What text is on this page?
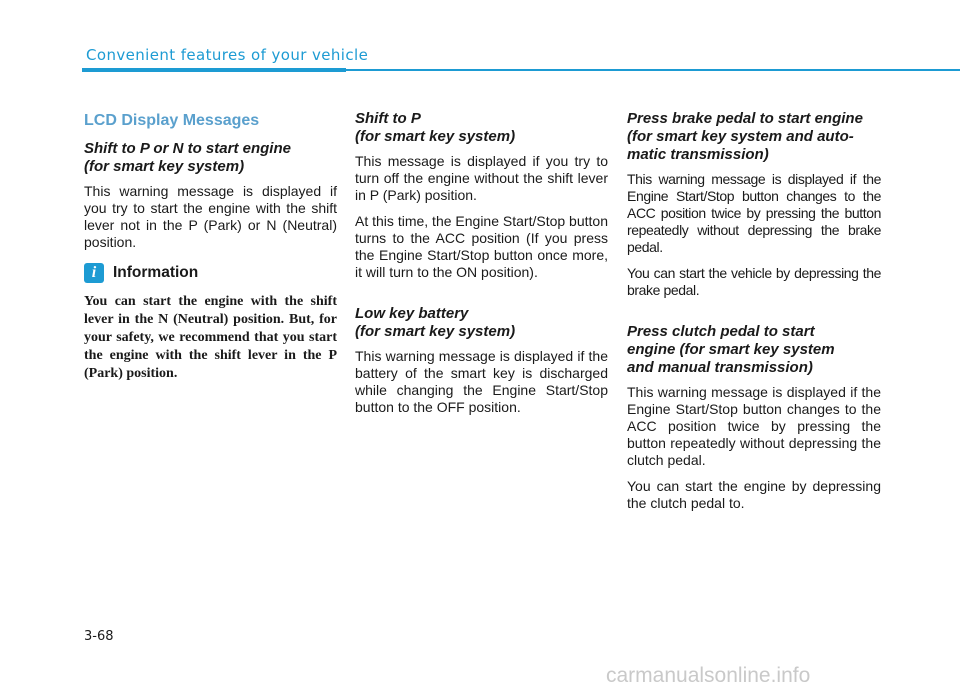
Convenient features of your vehicle
LCD Display Messages
Shift to P or N to start engine
(for smart key system)

This warning message is displayed if you try to start the engine with the shift lever not in the P (Park) or N (Neutral) position.

i	Information

You can start the engine with the shift lever in the N (Neutral) position. But, for your safety, we recommend that you start the engine with the shift lever in the P (Park) position.

Shift to P
(for smart key system)

This message is displayed if you try to turn off the engine without the shift lever in P (Park) position.

At this time, the Engine Start/Stop button turns to the ACC position (If you press the Engine Start/Stop button once more, it will turn to the ON position).

Low key battery
(for smart key system)

This warning message is displayed if the battery of the smart key is discharged while changing the Engine Start/Stop button to the OFF position.

Press brake pedal to start engine
(for smart key system and auto-
matic transmission)

This warning message is displayed if the Engine Start/Stop button changes to the ACC position twice by pressing the button repeatedly without depressing the brake pedal.

You can start the vehicle by depressing the brake pedal.

Press clutch pedal to start
engine (for smart key system
and manual transmission)

This warning message is displayed if the Engine Start/Stop button changes to the ACC position twice by pressing the button repeatedly without depressing the clutch pedal.

You can start the engine by depressing the clutch pedal to.

3-68
carmanualsonline.info
